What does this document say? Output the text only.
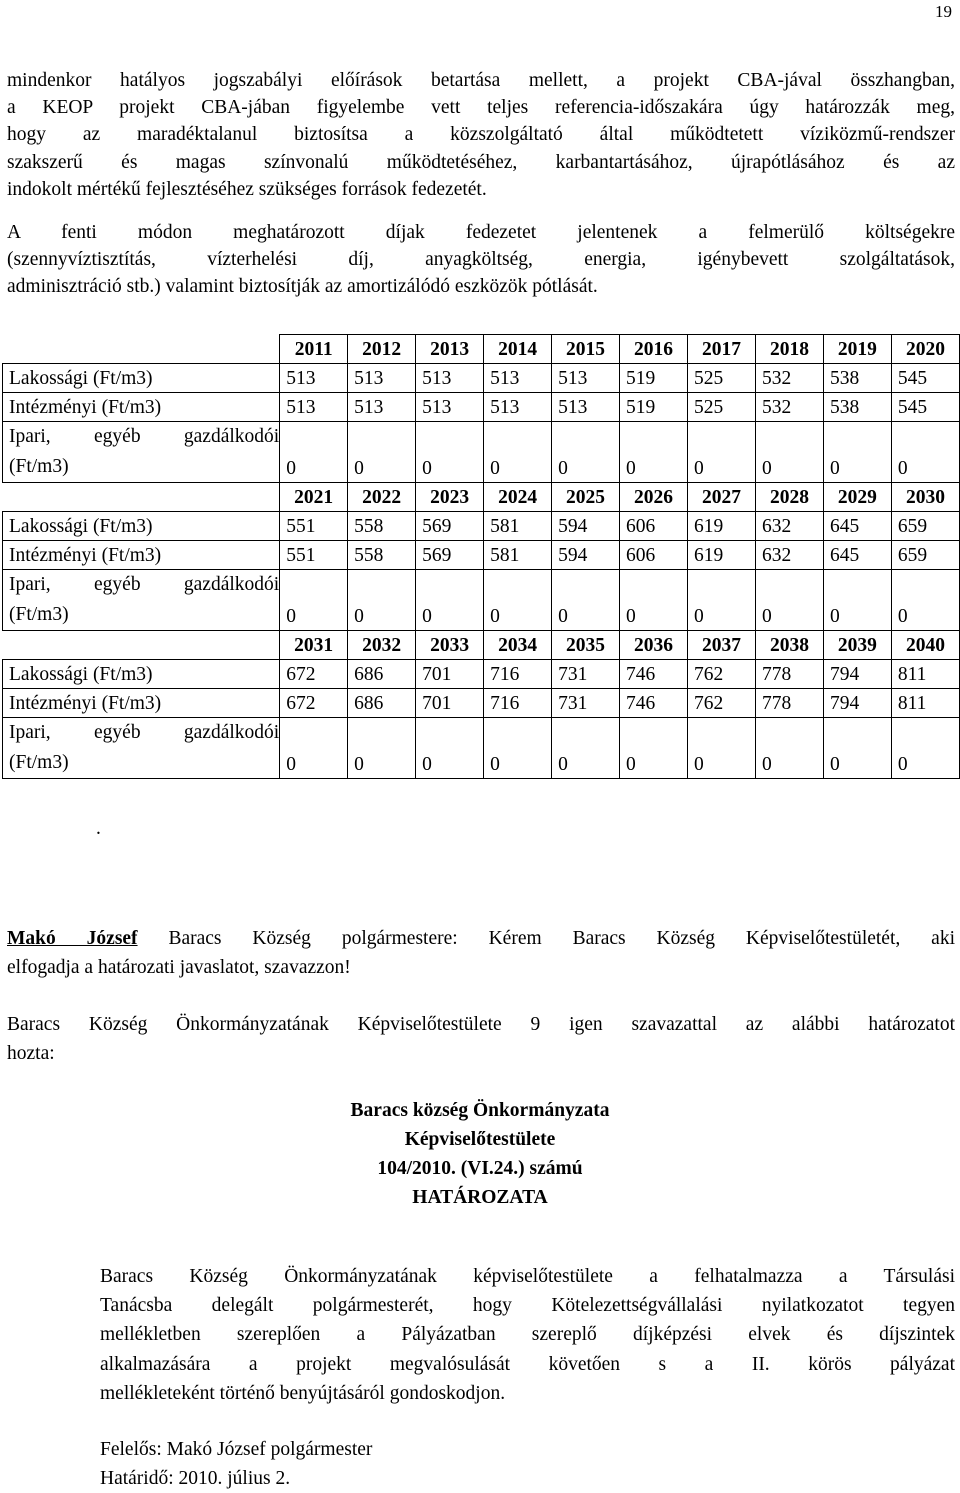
19

mindenkor hatályos jogszabályi előírások betartása mellett, a projekt CBA-jával összhangban,
a KEOP projekt CBA-jában figyelembe vett teljes referencia-időszakára úgy határozzák meg,
hogy az maradéktalanul biztosítsa a közszolgáltató által működtetett víziközmű-rendszer
szakszerű és magas színvonalú működtetéséhez, karbantartásához, újrapótlásához és az
indokolt mértékű fejlesztéséhez szükséges források fedezetét.

A fenti módon meghatározott díjak fedezetet jelentenek a felmerülő költségekre
(szennyvíztisztítás, vízterhelési díj, anyagköltség, energia, igénybevett szolgáltatások,
adminisztráció stb.) valamint biztosítják az amortizálódó eszközök pótlását.

	2011	2012	2013	2014	2015	2016	2017	2018	2019	2020

Lakossági (Ft/m3)	513	513	513	513	513	519	525	532	538	545

Intézményi (Ft/m3)	513	513	513	513	513	519	525	532	538	545

Ipari, egyéb gazdálkodói
(Ft/m3)	0	0	0	0	0	0	0	0	0	0
	2021	2022	2023	2024	2025	2026	2027	2028	2029	2030

Lakossági (Ft/m3)	551	558	569	581	594	606	619	632	645	659

Intézményi (Ft/m3)	551	558	569	581	594	606	619	632	645	659

Ipari, egyéb gazdálkodói
(Ft/m3)	0	0	0	0	0	0	0	0	0	0
	2031	2032	2033	2034	2035	2036	2037	2038	2039	2040

Lakossági (Ft/m3)	672	686	701	716	731	746	762	778	794	811

Intézményi (Ft/m3)	672	686	701	716	731	746	762	778	794	811

Ipari, egyéb gazdálkodói
(Ft/m3)	0	0	0	0	0	0	0	0	0	0
.

Makó József Baracs Község polgármestere: Kérem Baracs Község Képviselőtestületét, aki
elfogadja a határozati javaslatot, szavazzon!

Baracs Község Önkormányzatának Képviselőtestülete 9 igen szavazattal az alábbi határozatot
hozta:

Baracs község Önkormányzata
Képviselőtestülete
104/2010. (VI.24.) számú
HATÁROZATA

Baracs Község Önkormányzatának képviselőtestülete a felhatalmazza a Társulási
Tanácsba delegált polgármesterét, hogy Kötelezettségvállalási nyilatkozatot tegyen
mellékletben szereplően a Pályázatban szereplő díjképzési elvek és díjszintek
alkalmazására a projekt megvalósulását követően s a II. körös pályázat
mellékleteként történő benyújtásáról gondoskodjon.

Felelős: Makó József polgármester
Határidő: 2010. július 2.
